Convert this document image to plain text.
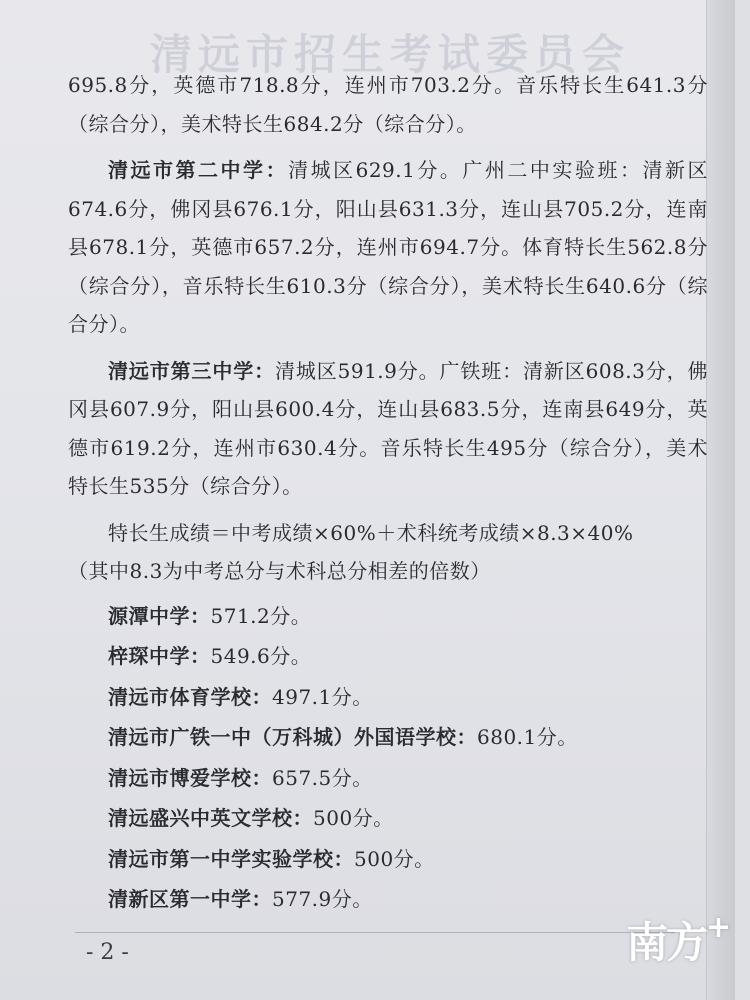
清远市招生考试委员会

695.8分，英德市718.8分，连州市703.2分。音乐特长生641.3分（综合分），美术特长生684.2分（综合分）。

清远市第二中学：清城区629.1分。广州二中实验班：清新区674.6分，佛冈县676.1分，阳山县631.3分，连山县705.2分，连南县678.1分，英德市657.2分，连州市694.7分。体育特长生562.8分（综合分），音乐特长生610.3分（综合分），美术特长生640.6分（综合分）。

清远市第三中学：清城区591.9分。广铁班：清新区608.3分，佛冈县607.9分，阳山县600.4分，连山县683.5分，连南县649分，英德市619.2分，连州市630.4分。音乐特长生495分（综合分），美术特长生535分（综合分）。

特长生成绩＝中考成绩×60%＋术科统考成绩×8.3×40%

（其中8.3为中考总分与术科总分相差的倍数）

源潭中学：571.2分。
梓琛中学：549.6分。
清远市体育学校：497.1分。
清远市广铁一中（万科城）外国语学校：680.1分。
清远市博爱学校：657.5分。
清远盛兴中英文学校：500分。
清远市第一中学实验学校：500分。
清新区第一中学：577.9分。
- 2 -	南方+
